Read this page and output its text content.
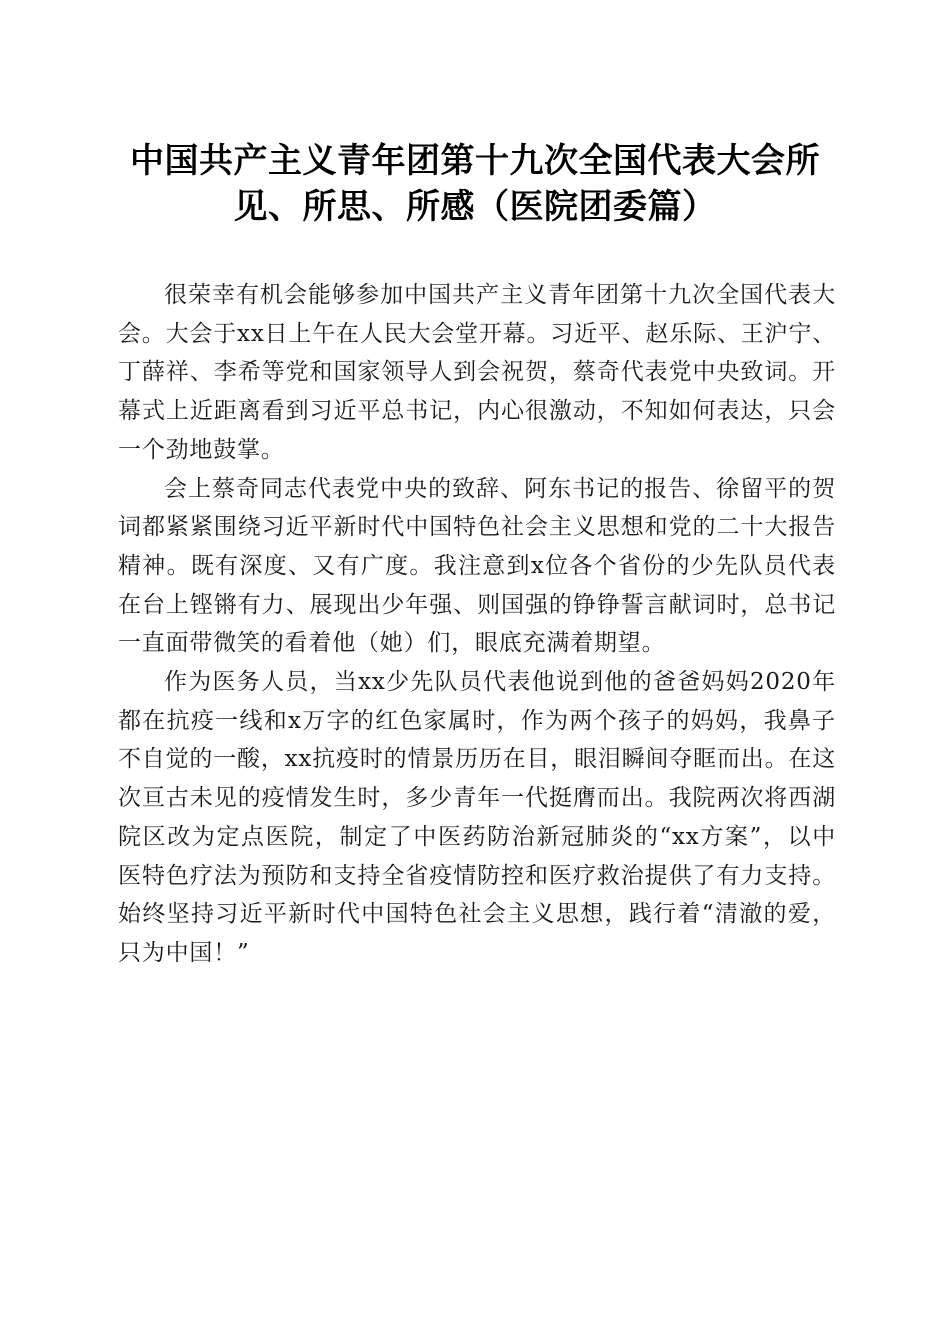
中国共产主义青年团第十九次全国代表大会所见、所思、所感（医院团委篇）

很荣幸有机会能够参加中国共产主义青年团第十九次全国代表大会。大会于xx日上午在人民大会堂开幕。习近平、赵乐际、王沪宁、丁薛祥、李希等党和国家领导人到会祝贺，蔡奇代表党中央致词。开幕式上近距离看到习近平总书记，内心很激动，不知如何表达，只会一个劲地鼓掌。

会上蔡奇同志代表党中央的致辞、阿东书记的报告、徐留平的贺词都紧紧围绕习近平新时代中国特色社会主义思想和党的二十大报告精神。既有深度、又有广度。我注意到x位各个省份的少先队员代表在台上铿锵有力、展现出少年强、则国强的铮铮誓言献词时，总书记一直面带微笑的看着他（她）们，眼底充满着期望。

作为医务人员，当xx少先队员代表他说到他的爸爸妈妈2020年都在抗疫一线和x万字的红色家属时，作为两个孩子的妈妈，我鼻子不自觉的一酸，xx抗疫时的情景历历在目，眼泪瞬间夺眶而出。在这次亘古未见的疫情发生时，多少青年一代挺膺而出。我院两次将西湖院区改为定点医院，制定了中医药防治新冠肺炎的“xx方案”，以中医特色疗法为预防和支持全省疫情防控和医疗救治提供了有力支持。始终坚持习近平新时代中国特色社会主义思想，践行着“清澈的爱，只为中国！”
